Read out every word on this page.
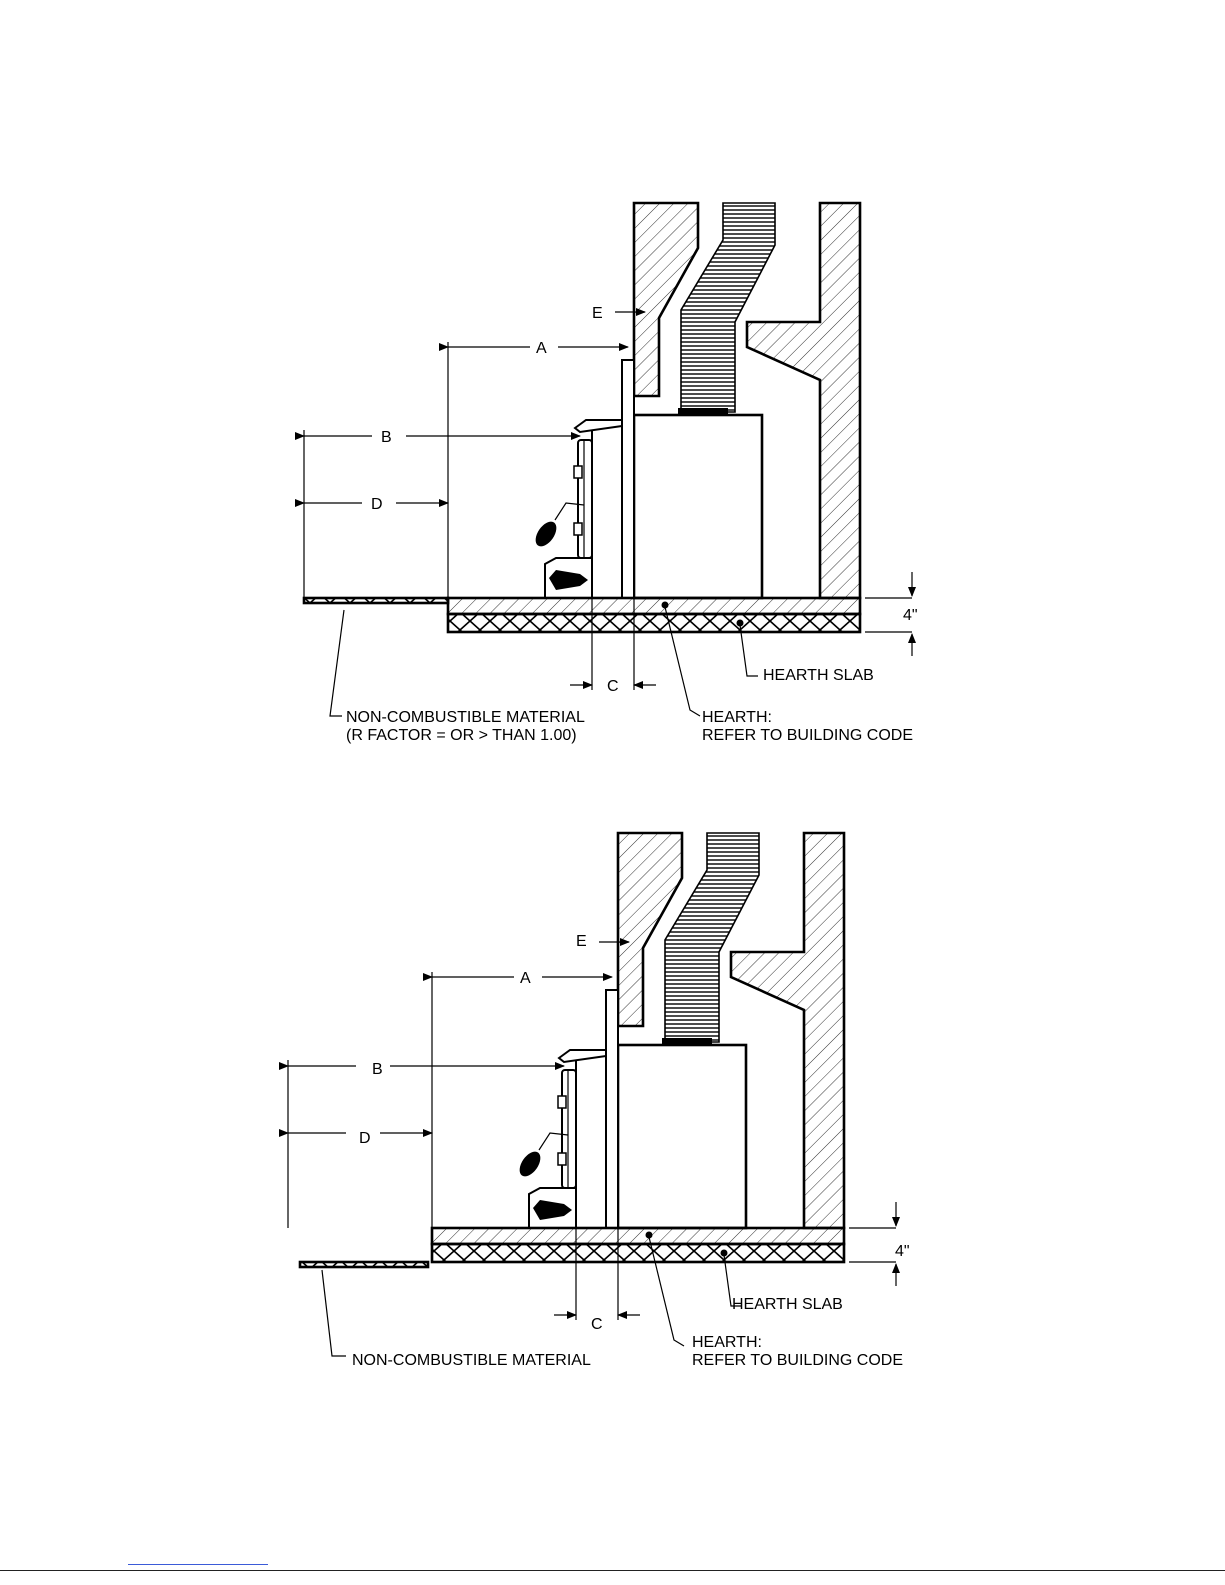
A
B
D
E
C
4"
HEARTH SLAB
HEARTH:
REFER TO BUILDING CODE
NON-COMBUSTIBLE MATERIAL
(R FACTOR = OR > THAN 1.00)
A
B
D
E
C
4"
HEARTH SLAB
HEARTH:
REFER TO BUILDING CODE
NON-COMBUSTIBLE MATERIAL
